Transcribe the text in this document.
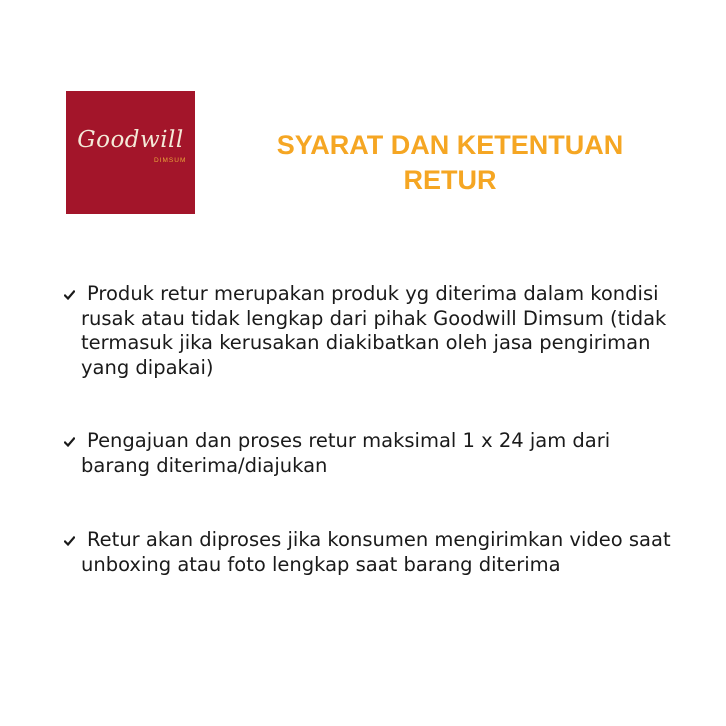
Goodwill
DIMSUM
SYARAT DAN KETENTUAN
RETUR
Produk retur merupakan produk yg diterima dalam kondisi rusak atau tidak lengkap dari pihak Goodwill Dimsum (tidak termasuk jika kerusakan diakibatkan oleh jasa pengiriman yang dipakai)
Pengajuan dan proses retur maksimal 1 x 24 jam dari barang diterima/diajukan
Retur akan diproses jika konsumen mengirimkan video saat unboxing atau foto lengkap saat barang diterima
